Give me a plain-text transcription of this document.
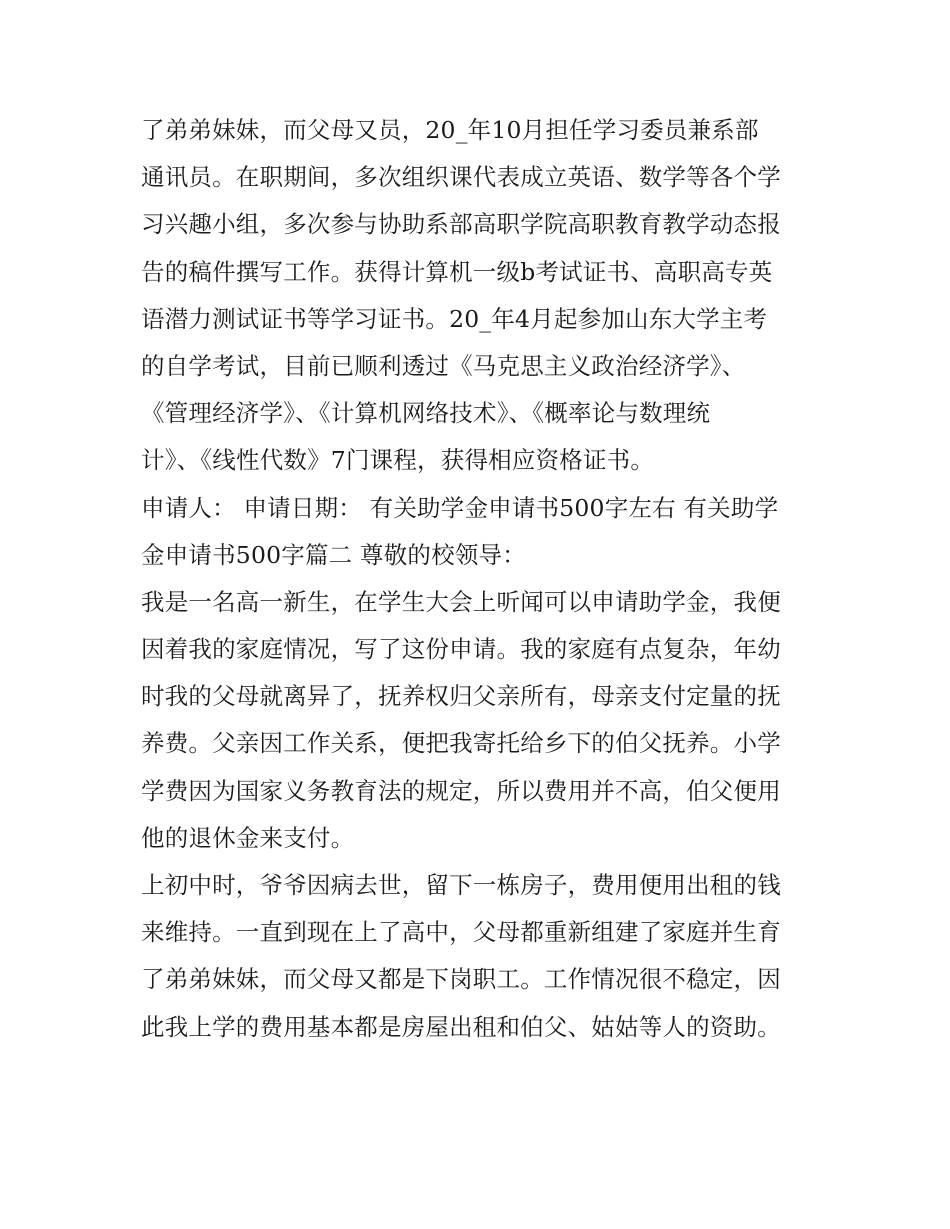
了弟弟妹妹，而父母又员，20_年10月担任学习委员兼系部
通讯员。在职期间，多次组织课代表成立英语、数学等各个学
习兴趣小组，多次参与协助系部高职学院高职教育教学动态报
告的稿件撰写工作。获得计算机一级b考试证书、高职高专英
语潜力测试证书等学习证书。20_年4月起参加山东大学主考
的自学考试，目前已顺利透过《马克思主义政治经济学》、
《管理经济学》、《计算机网络技术》、《概率论与数理统
计》、《线性代数》7门课程，获得相应资格证书。
申请人： 申请日期： 有关助学金申请书500字左右 有关助学
金申请书500字篇二 尊敬的校领导：
我是一名高一新生，在学生大会上听闻可以申请助学金，我便
因着我的家庭情况，写了这份申请。我的家庭有点复杂，年幼
时我的父母就离异了，抚养权归父亲所有，母亲支付定量的抚
养费。父亲因工作关系，便把我寄托给乡下的伯父抚养。小学
学费因为国家义务教育法的规定，所以费用并不高，伯父便用
他的退休金来支付。
上初中时，爷爷因病去世，留下一栋房子，费用便用出租的钱
来维持。一直到现在上了高中，父母都重新组建了家庭并生育
了弟弟妹妹，而父母又都是下岗职工。工作情况很不稳定，因
此我上学的费用基本都是房屋出租和伯父、姑姑等人的资助。
